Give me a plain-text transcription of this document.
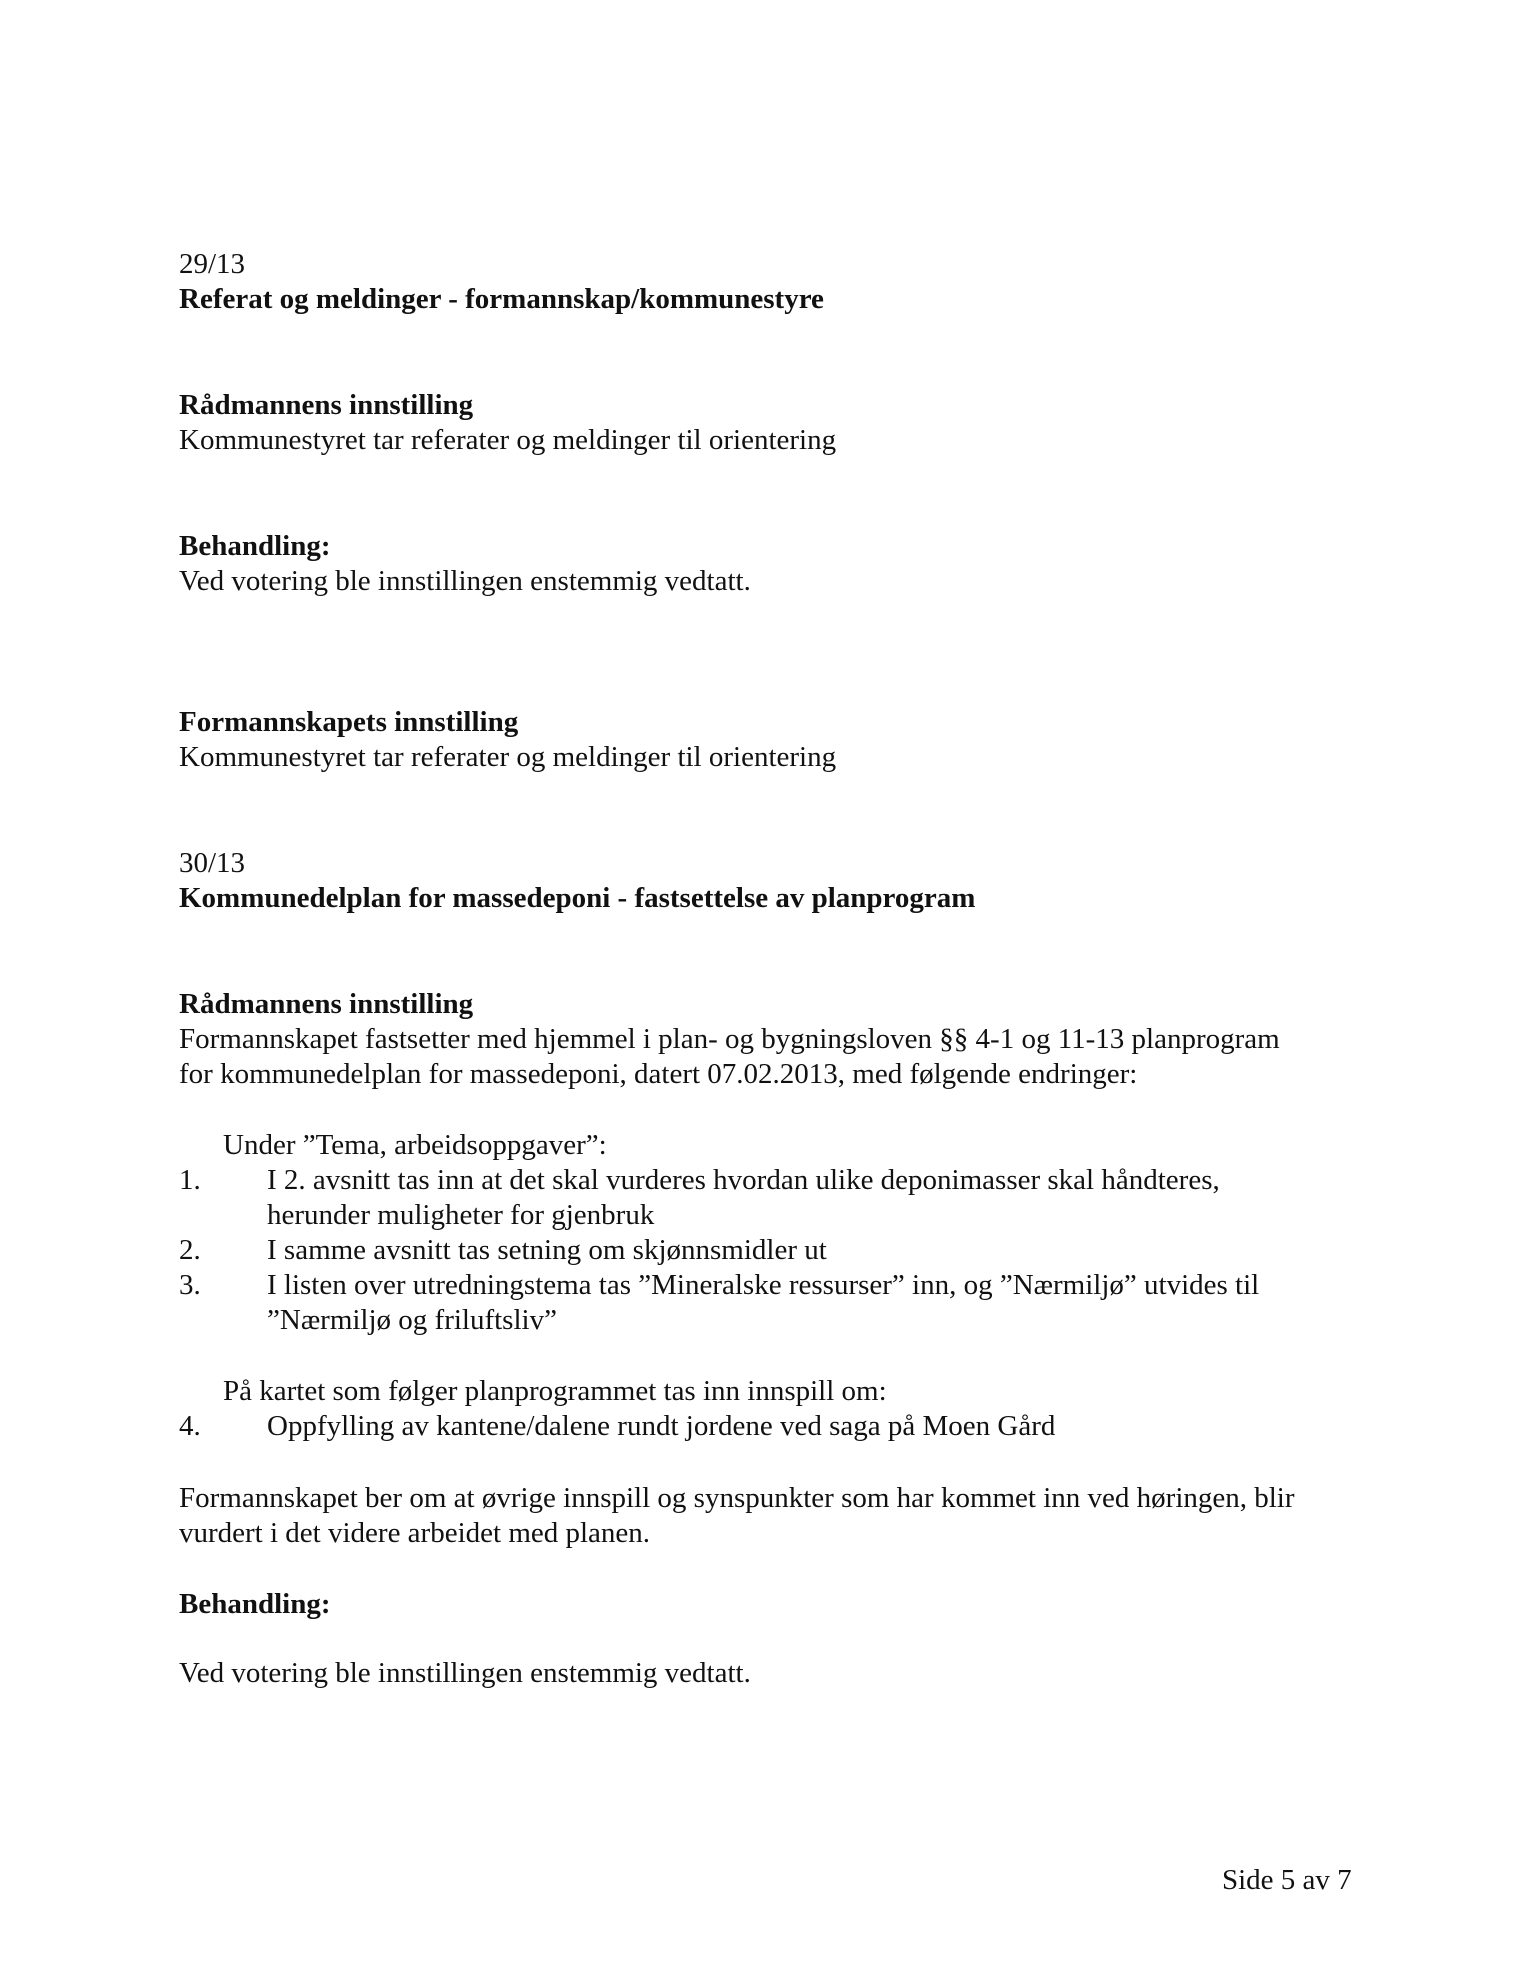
29/13
Referat og meldinger - formannskap/kommunestyre
Rådmannens innstilling
Kommunestyret tar referater og meldinger til orientering
Behandling:
Ved votering ble innstillingen enstemmig vedtatt.
Formannskapets innstilling
Kommunestyret tar referater og meldinger til orientering
30/13
Kommunedelplan for massedeponi - fastsettelse av planprogram
Rådmannens innstilling
Formannskapet fastsetter med hjemmel i plan- og bygningsloven §§ 4-1 og 11-13 planprogram
for kommunedelplan for massedeponi, datert 07.02.2013, med følgende endringer:
Under ”Tema, arbeidsoppgaver”:
1.	I 2. avsnitt tas inn at det skal vurderes hvordan ulike deponimasser skal håndteres,
herunder muligheter for gjenbruk
2.	I samme avsnitt tas setning om skjønnsmidler ut
3.	I listen over utredningstema tas ”Mineralske ressurser” inn, og ”Nærmiljø” utvides til
”Nærmiljø og friluftsliv”
På kartet som følger planprogrammet tas inn innspill om:
4.	Oppfylling av kantene/dalene rundt jordene ved saga på Moen Gård
Formannskapet ber om at øvrige innspill og synspunkter som har kommet inn ved høringen, blir
vurdert i det videre arbeidet med planen.
Behandling:
Ved votering ble innstillingen enstemmig vedtatt.
Side 5 av 7
